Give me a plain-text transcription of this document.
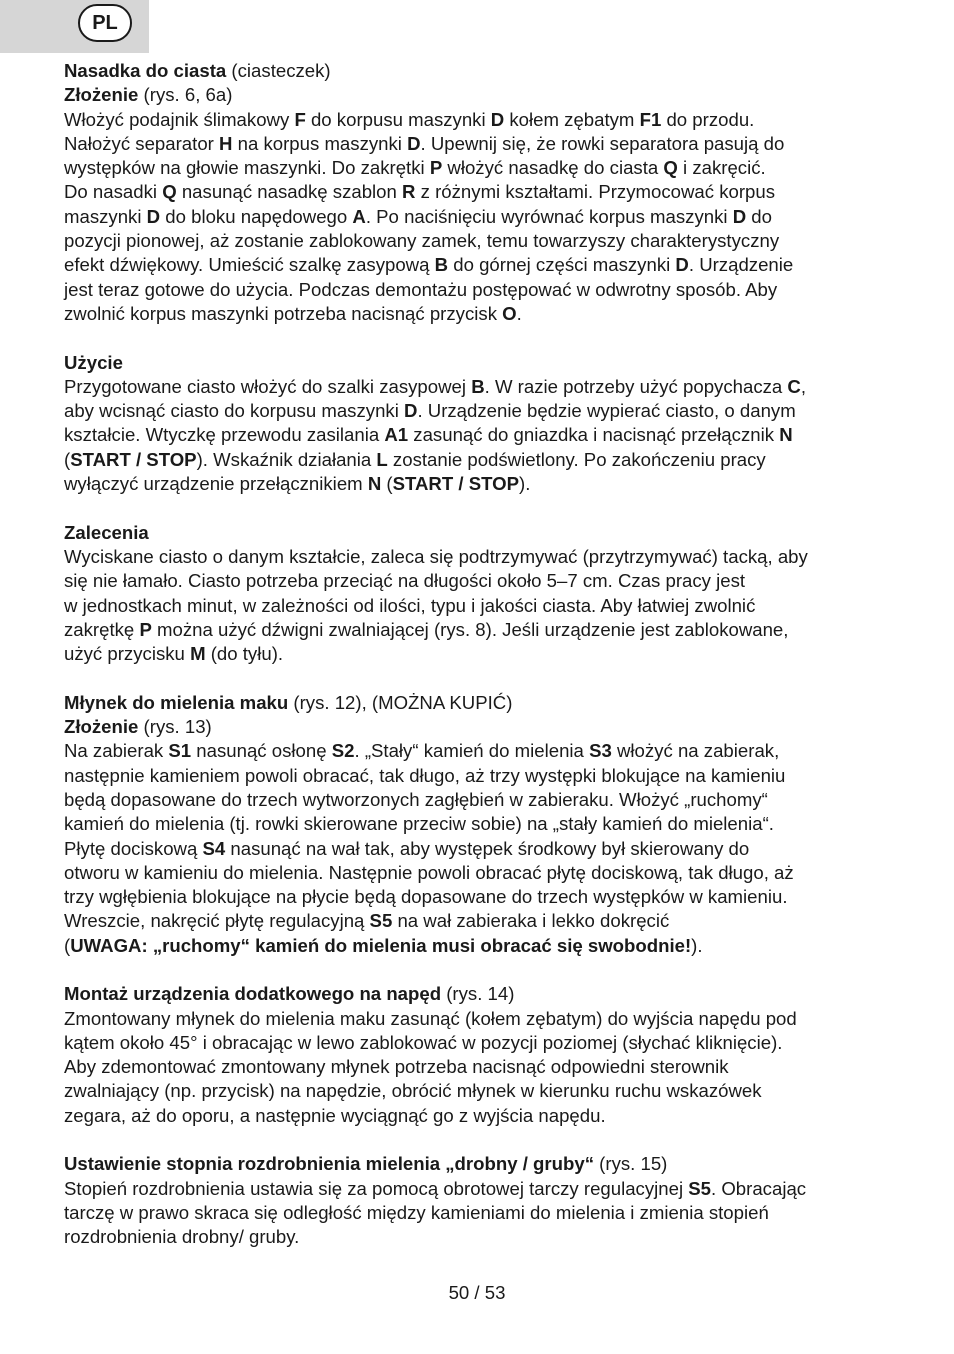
PL

Nasadka do ciasta (ciasteczek)

Złożenie (rys. 6, 6a)

Włożyć podajnik ślimakowy F do korpusu maszynki D kołem zębatym F1 do przodu.

Nałożyć separator H na korpus maszynki D. Upewnij się, że rowki separatora pasują do

występków na głowie maszynki. Do zakrętki P włożyć nasadkę do ciasta Q i zakręcić.

Do nasadki Q nasunąć nasadkę szablon R z różnymi kształtami. Przymocować korpus

maszynki D do bloku napędowego A. Po naciśnięciu wyrównać korpus maszynki D do

pozycji pionowej, aż zostanie zablokowany zamek, temu towarzyszy charakterystyczny

efekt dźwiękowy. Umieścić szalkę zasypową B do górnej części maszynki D. Urządzenie

jest teraz gotowe do użycia. Podczas demontażu postępować w odwrotny sposób. Aby

zwolnić korpus maszynki potrzeba nacisnąć przycisk O.

Użycie

Przygotowane ciasto włożyć do szalki zasypowej B. W razie potrzeby użyć popychacza C,

aby wcisnąć ciasto do korpusu maszynki D. Urządzenie będzie wypierać ciasto, o danym

kształcie. Wtyczkę przewodu zasilania A1 zasunąć do gniazdka i nacisnąć przełącznik N

(START / STOP). Wskaźnik działania L zostanie podświetlony. Po zakończeniu pracy

wyłączyć urządzenie przełącznikiem N (START / STOP).

Zalecenia

Wyciskane ciasto o danym kształcie, zaleca się podtrzymywać (przytrzymywać) tacką, aby

się nie łamało. Ciasto potrzeba przeciąć na długości około 5–7 cm. Czas pracy jest

w jednostkach minut, w zależności od ilości, typu i jakości ciasta. Aby łatwiej zwolnić

zakrętkę P można użyć dźwigni zwalniającej (rys. 8). Jeśli urządzenie jest zablokowane,

użyć przycisku M (do tyłu).

Młynek do mielenia maku (rys. 12), (MOŻNA KUPIĆ)

Złożenie (rys. 13)

Na zabierak S1 nasunąć osłonę S2. „Stały“ kamień do mielenia S3 włożyć na zabierak,

następnie kamieniem powoli obracać, tak długo, aż trzy występki blokujące na kamieniu

będą dopasowane do trzech wytworzonych zagłębień w zabieraku. Włożyć „ruchomy“

kamień do mielenia (tj. rowki skierowane przeciw sobie) na „stały kamień do mielenia“.

Płytę dociskową S4 nasunąć na wał tak, aby występek środkowy był skierowany do

otworu w kamieniu do mielenia. Następnie powoli obracać płytę dociskową, tak długo, aż

trzy wgłębienia blokujące na płycie będą dopasowane do trzech występków w kamieniu.

Wreszcie, nakręcić płytę regulacyjną S5 na wał zabieraka i lekko dokręcić

(UWAGA: „ruchomy“ kamień do mielenia musi obracać się swobodnie!).

Montaż urządzenia dodatkowego na napęd (rys. 14)

Zmontowany młynek do mielenia maku zasunąć (kołem zębatym) do wyjścia napędu pod

kątem około 45° i obracając w lewo zablokować w pozycji poziomej (słychać kliknięcie).

Aby zdemontować zmontowany młynek potrzeba nacisnąć odpowiedni sterownik

zwalniający (np. przycisk) na napędzie, obrócić młynek w kierunku ruchu wskazówek

zegara, aż do oporu, a następnie wyciągnąć go z wyjścia napędu.

Ustawienie stopnia rozdrobnienia mielenia „drobny / gruby“ (rys. 15)

Stopień rozdrobnienia ustawia się za pomocą obrotowej tarczy regulacyjnej S5. Obracając

tarczę w prawo skraca się odległość między kamieniami do mielenia i zmienia stopień

rozdrobnienia drobny/ gruby.

50 / 53
